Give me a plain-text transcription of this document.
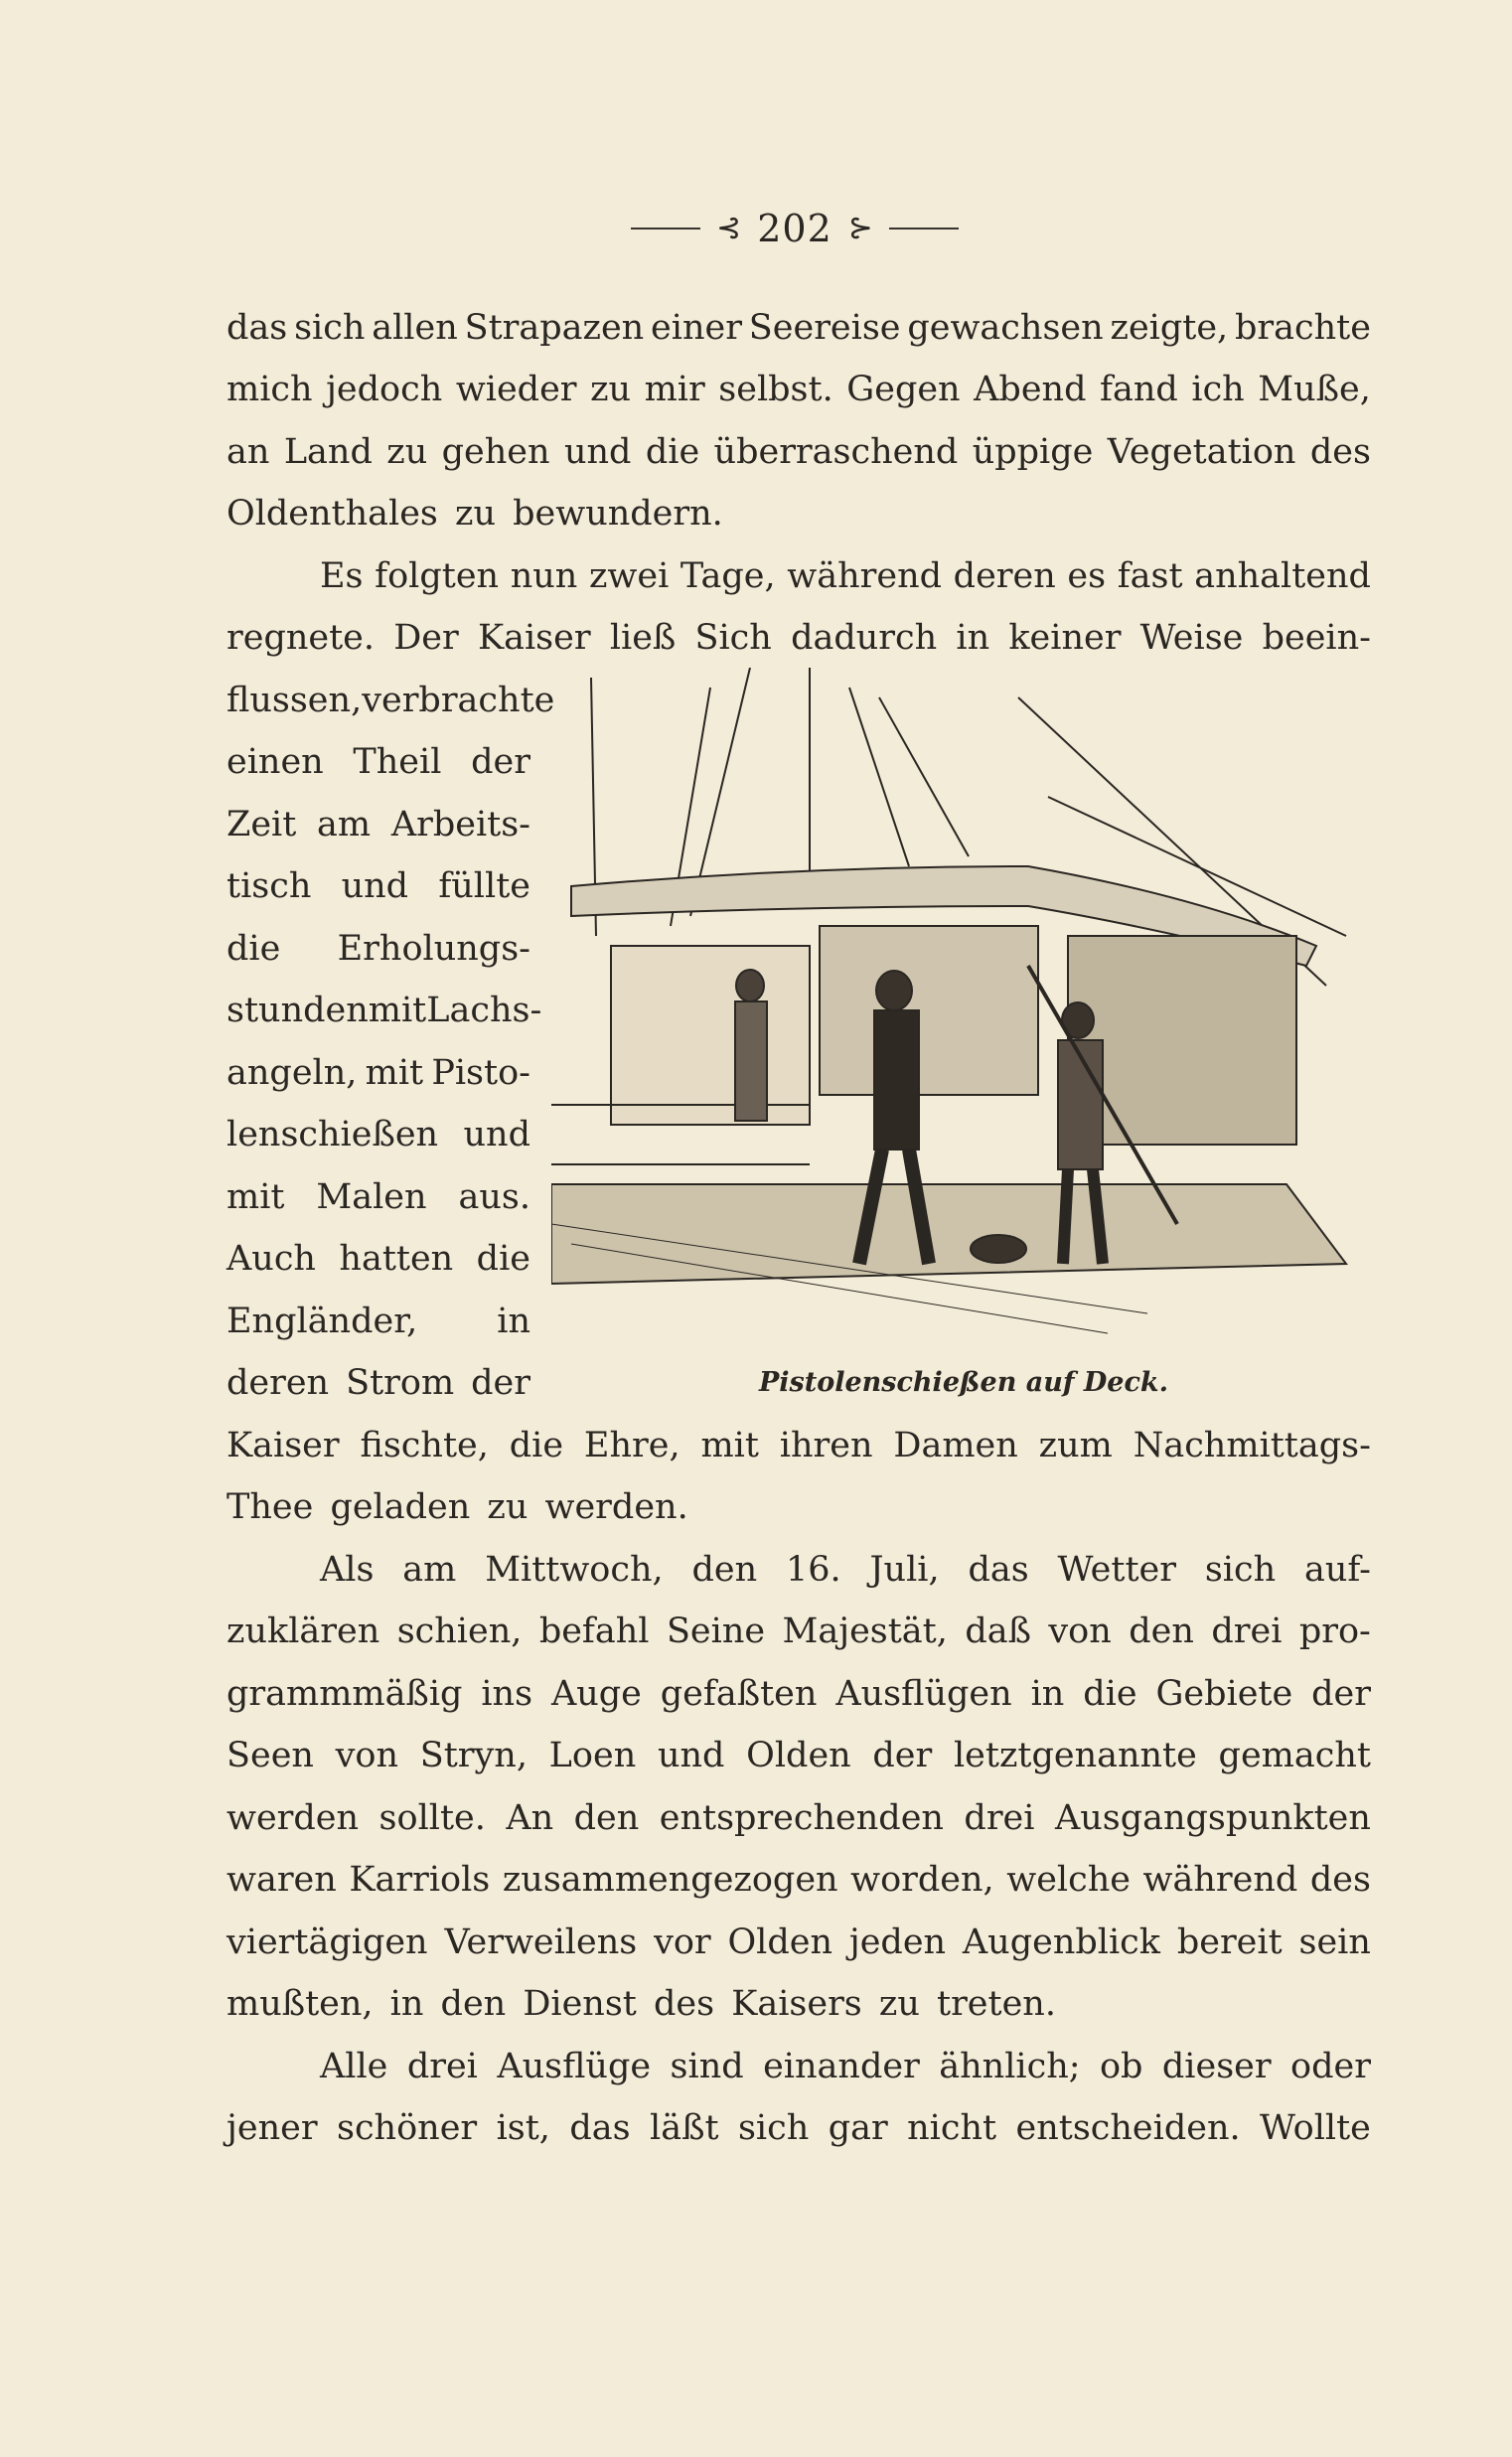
⊰ 202 ⊱
das sich allen Strapazen einer Seereise gewachsen zeigte, brachte
mich jedoch wieder zu mir selbst. Gegen Abend fand ich Muße,
an Land zu gehen und die überraschend üppige Vegetation des
Oldenthales zu bewundern.
Es folgten nun zwei Tage, während deren es fast anhaltend
regnete. Der Kaiser ließ Sich dadurch in keiner Weise beein-
flussen, verbrachte
einen Theil der
Zeit am Arbeits-
tisch und füllte
die Erholungs-
stunden mit Lachs-
angeln, mit Pisto-
lenschießen und
mit Malen aus.
Auch hatten die
Engländer, in
deren Strom der
Kaiser fischte, die Ehre, mit ihren Damen zum Nachmittags-
Thee geladen zu werden.
Als am Mittwoch, den 16. Juli, das Wetter sich auf-
zuklären schien, befahl Seine Majestät, daß von den drei pro-
grammmäßig ins Auge gefaßten Ausflügen in die Gebiete der
Seen von Stryn, Loen und Olden der letztgenannte gemacht
werden sollte. An den entsprechenden drei Ausgangspunkten
waren Karriols zusammengezogen worden, welche während des
viertägigen Verweilens vor Olden jeden Augenblick bereit sein
mußten, in den Dienst des Kaisers zu treten.
Alle drei Ausflüge sind einander ähnlich; ob dieser oder
jener schöner ist, das läßt sich gar nicht entscheiden. Wollte
Pistolenschießen auf Deck.
